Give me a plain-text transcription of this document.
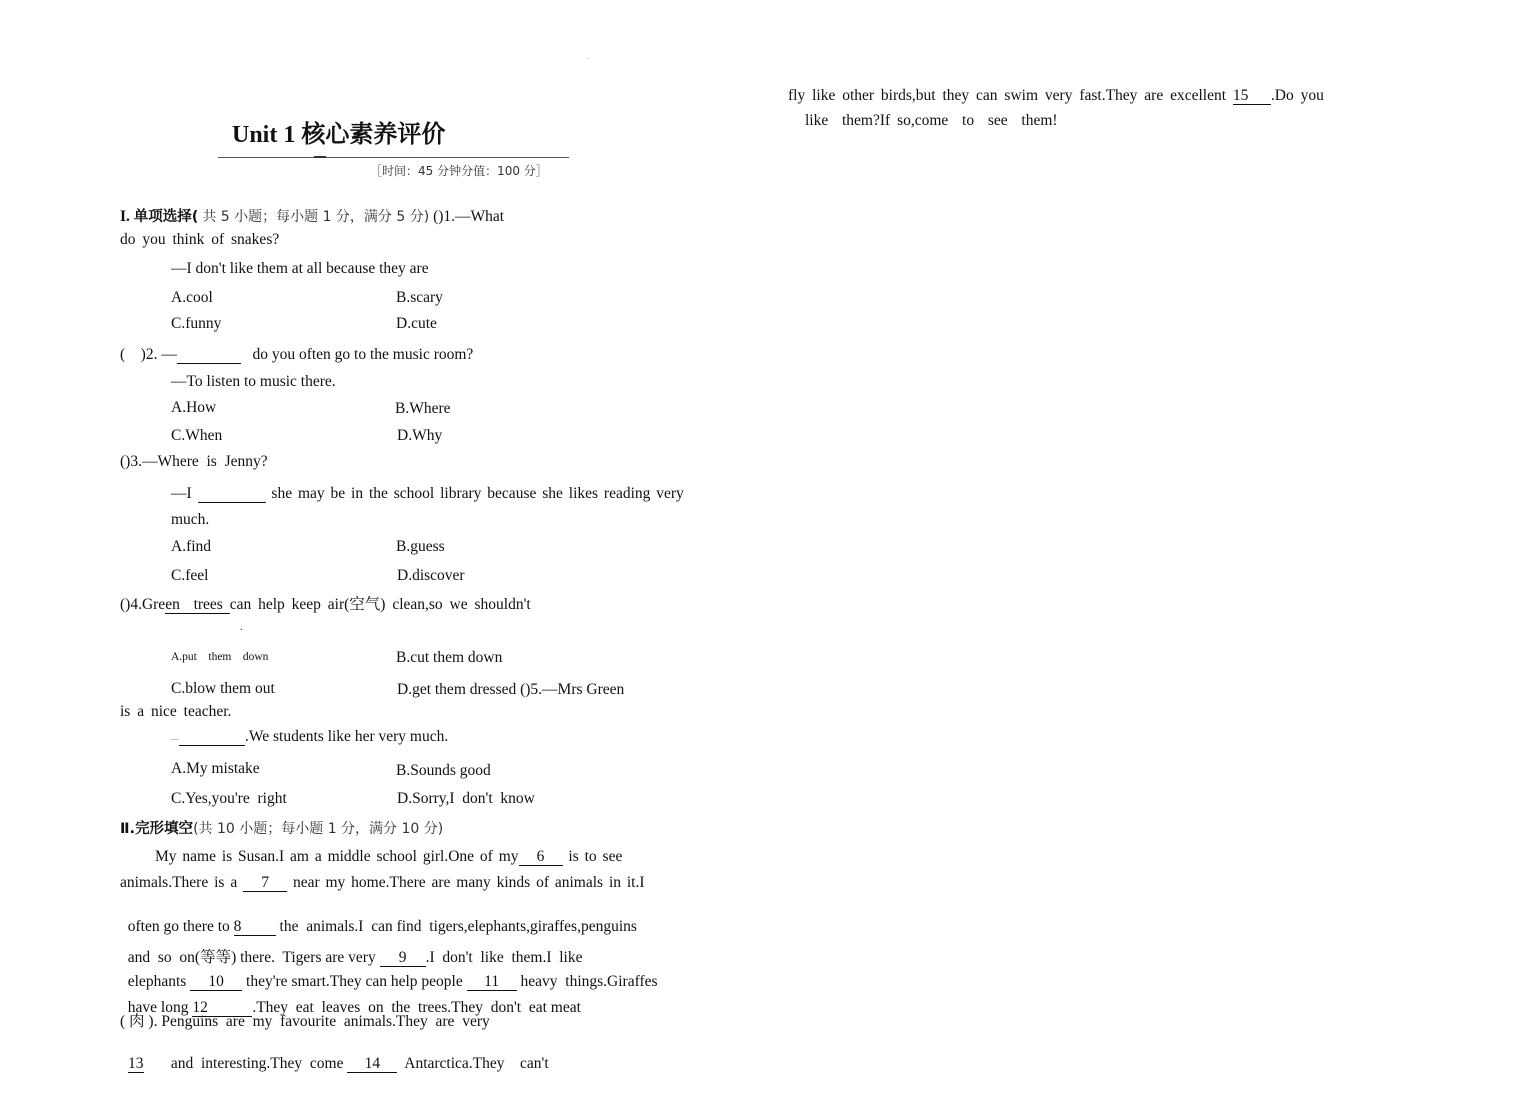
.
Unit 1 核心素养评价
［时间：45 分钟分值：100 分］
I. 单项选择( 共 5 小题；每小题 1 分，满分 5 分) ()1.—What
do you think of snakes?
—I don't like them at all because they are
A.cool	B.scary
C.funny	D.cute
(　)2. —	do you often go to the music room?
—To listen to music there.
A.How	B.Where
C.When	D.Why
()3.—Where  is  Jenny?
—I	she may be in the school library because she likes reading very
much.
A.find	B.guess
C.feel	D.discover
()4.Green  trees can help keep air(空气) clean,so we shouldn't
.
A.put    them    down	B.cut them down
C.blow them out	D.get them dressed ()5.—Mrs Green
is a nice teacher.
—	.We students like her very much.
A.My mistake	B.Sounds good
C.Yes,you're  right	D.Sorry,I  don't  know
Ⅱ.完形填空(共 10 小题；每小题 1 分，满分 10 分)
My name is Susan.I am a middle school girl.One of my 6 is to see
animals.There is a 7 near my home.There are many kinds of animals in it.I

often go there to 8 the  animals.I  can find  tigers,elephants,giraffes,penguins

and  so  on(等等) there.  Tigers are very 9 .I  don't  like  them.I  like

elephants 10 they're smart.They can help people 11 heavy  things.Giraffes

have long 12	.They  eat  leaves  on  the  trees.They  don't  eat meat

( 肉 ). Penguins  are  my  favourite  animals.They  are  very

13 and  interesting.They  come 14 Antarctica.They    can't

fly like other birds,but they can swim very fast.They are excellent 15 .Do you
like  them?If so,come  to  see  them!
